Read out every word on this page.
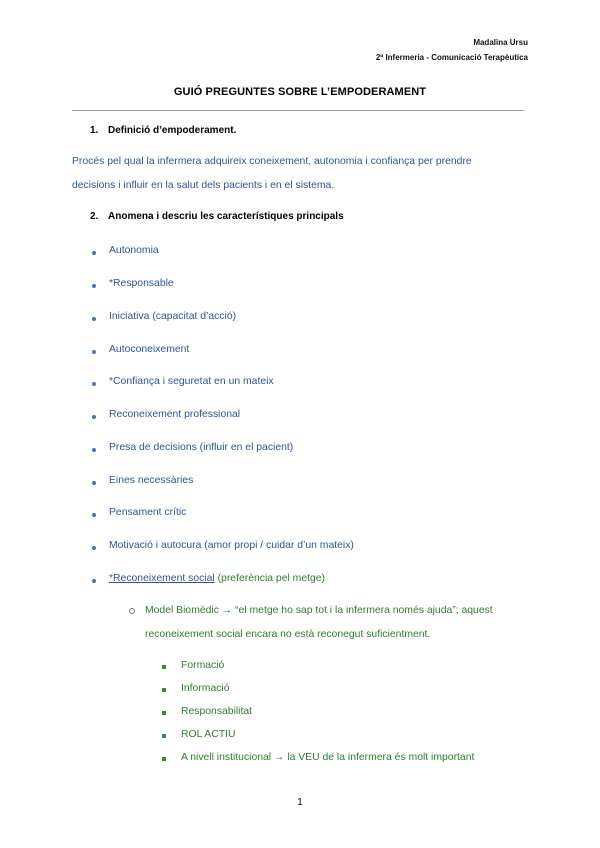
Madalina Ursu
2º Infermeria - Comunicació Terapèutica
GUIÓ PREGUNTES SOBRE L’EMPODERAMENT
1. Definició d’empoderament.
Procés pel qual la infermera adquireix coneixement, autonomia i confiança per prendre
decisions i influir en la salut dels pacients i en el sistema.
2. Anomena i descriu les característiques principals
Autonomia
*Responsable
Iniciativa (capacitat d’acció)
Autoconeixement
*Confiança i seguretat en un mateix
Reconeixement professional
Presa de decisions (influir en el pacient)
Eines necessàries
Pensament crític
Motivació i autocura (amor propi / cuidar d’un mateix)
*Reconeixement social (preferència pel metge)
Model Biomèdic → “el metge ho sap tot i la infermera només ajuda”; aquest
reconeixement social encara no està reconegut suficientment.
Formació
Informació
Responsabilitat
ROL ACTIU
A nivell institucional → la VEU de la infermera és molt important
1
